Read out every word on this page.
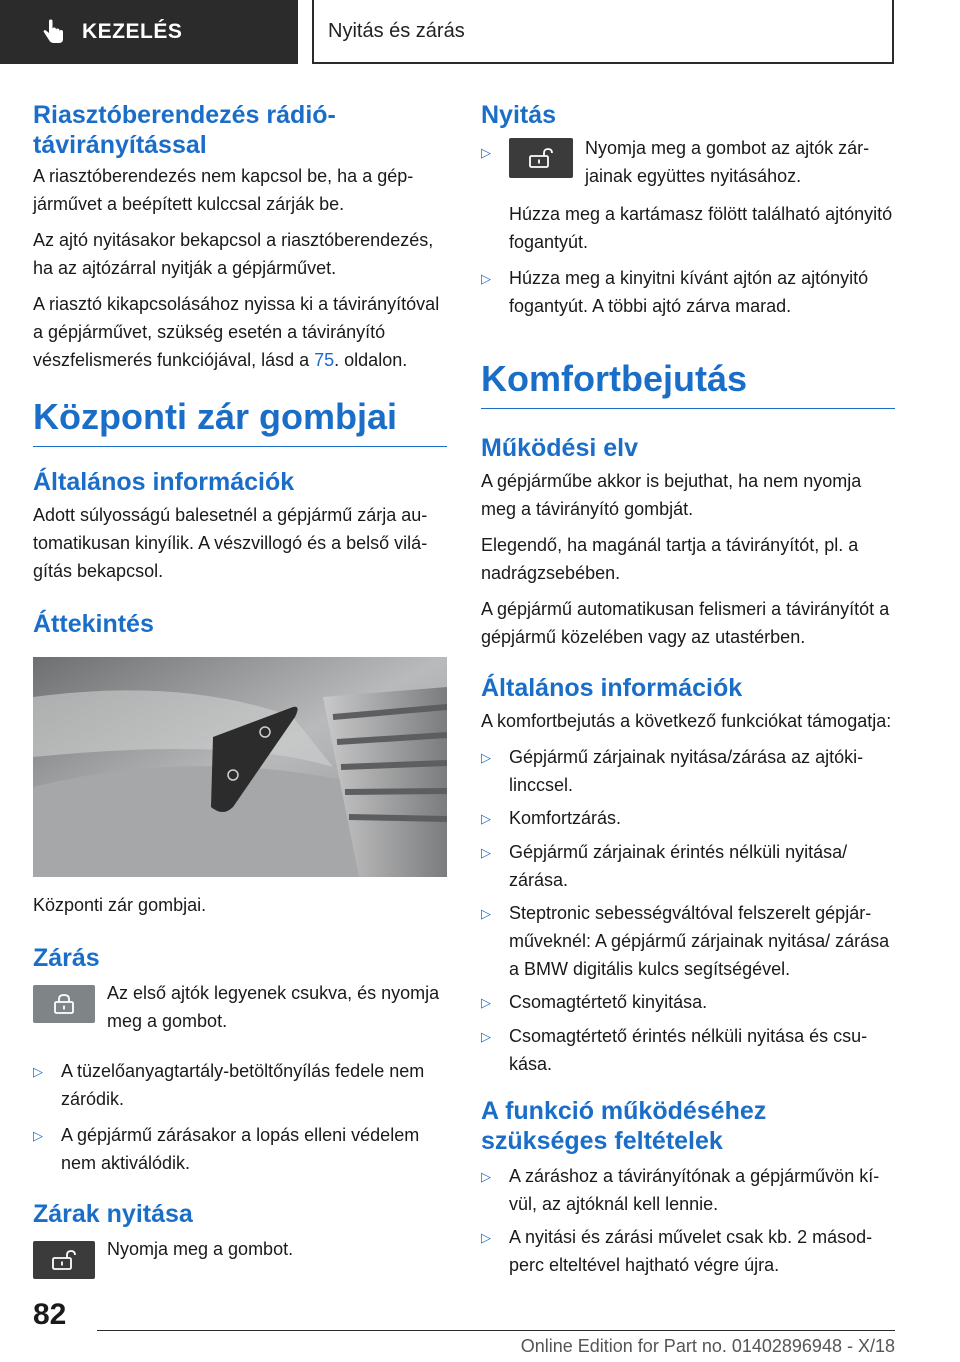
KEZELÉS	Nyitás és zárás
Riasztóberendezés rádiótávirányítással

A riasztóberendezés nem kapcsol be, ha a gépjárművet a beépített kulccsal zárják be.

Az ajtó nyitásakor bekapcsol a riasztóberendezés, ha az ajtózárral nyitják a gépjárművet.

A riasztó kikapcsolásához nyissa ki a távirányítóval a gépjárművet, szükség esetén a távirányító vészfelismerés funkciójával, lásd a 75. oldalon.

Központi zár gombjai
Általános információk

Adott súlyosságú balesetnél a gépjármű zárja automatikusan kinyílik. A vészvillogó és a belső világítás bekapcsol.

Áttekintés

Központi zár gombjai.

Zárás

Az első ajtók legyenek csukva, és nyomja meg a gombot.

▷	A tüzelőanyagtartály-betöltőnyílás fedele nem záródik.
▷	A gépjármű zárásakor a lopás elleni védelem nem aktiválódik.
Zárak nyitása

Nyomja meg a gombot.

Nyitás
▷	Nyomja meg a gombot az ajtók zárjainak együttes nyitásához.

Húzza meg a kartámasz fölött található ajtónyitó fogantyút.

▷	Húzza meg a kinyitni kívánt ajtón az ajtónyitó fogantyút. A többi ajtó zárva marad.
Komfortbejutás
Működési elv

A gépjárműbe akkor is bejuthat, ha nem nyomja meg a távirányító gombját.

Elegendő, ha magánál tartja a távirányítót, pl. a nadrágzsebében.

A gépjármű automatikusan felismeri a távirányítót a gépjármű közelében vagy az utastérben.

Általános információk

A komfortbejutás a következő funkciókat támogatja:

▷	Gépjármű zárjainak nyitása/zárása az ajtókilinccsel.
▷	Komfortzárás.
▷	Gépjármű zárjainak érintés nélküli nyitása/ zárása.
▷	Steptronic sebességváltóval felszerelt gépjárműveknél: A gépjármű zárjainak nyitása/ zárása a BMW digitális kulcs segítségével.
▷	Csomagtértető kinyitása.
▷	Csomagtértető érintés nélküli nyitása és csukása.
A funkció működéséhez szükséges feltételek
▷	A záráshoz a távirányítónak a gépjárművön kívül, az ajtóknál kell lennie.
▷	A nyitási és zárási művelet csak kb. 2 másodperc elteltével hajtható végre újra.
82
Online Edition for Part no. 01402896948 - X/18
